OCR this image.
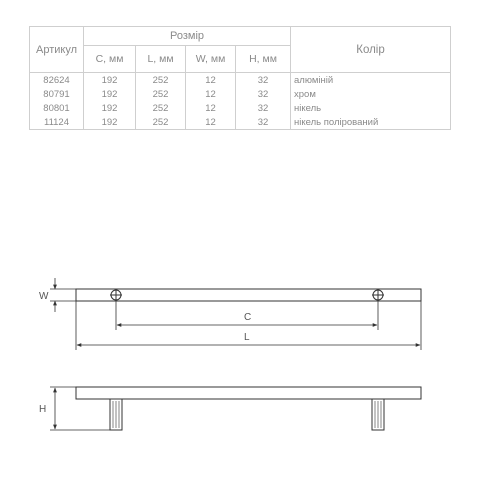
Артикул	Розмір				Колір
	C, мм	L, мм	W, мм	H, мм	
82624	192	252	12	32	алюміній
80791	192	252	12	32	хром
80801	192	252	12	32	нікель
11124	192	252	12	32	нікель полірований
W
C
L
H
